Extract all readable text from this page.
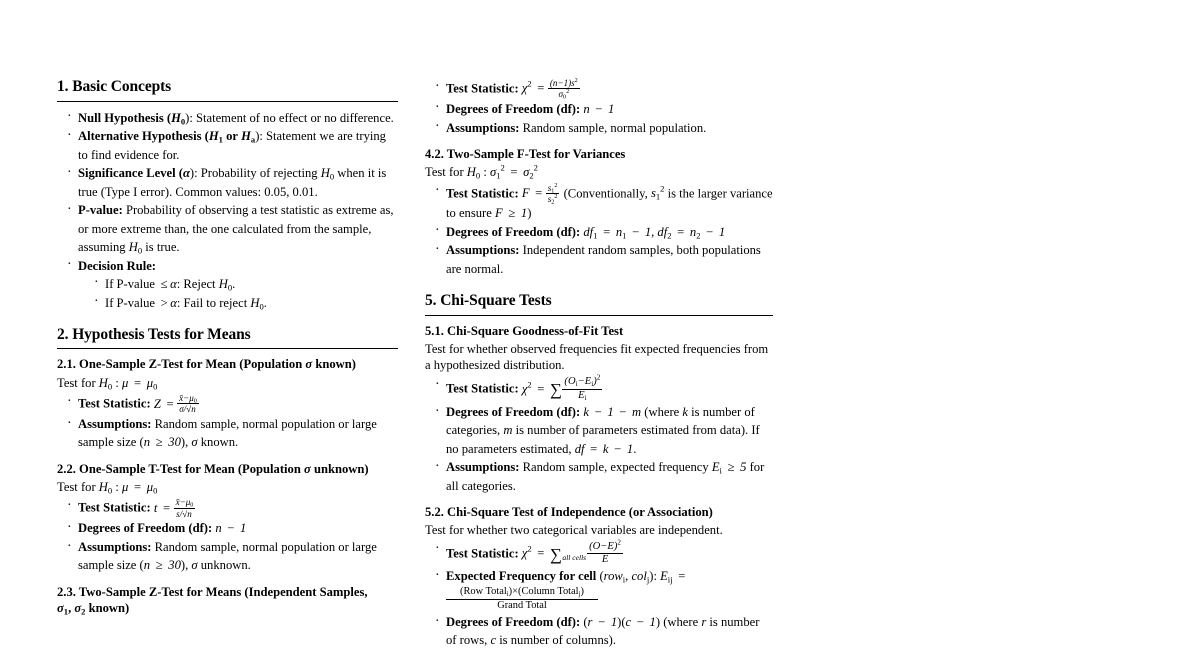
1. Basic Concepts
· Null Hypothesis $(H_0)$: Statement of no effect or no difference.
· Alternative Hypothesis ($H_1$ or $H_a$): Statement we are trying to find evidence for.
· Significance Level (α): Probability of rejecting $H_0$ when it is true (Type I error). Common values: 0.05, 0.01.
· P-value: Probability of observing a test statistic as extreme as, or more extreme than, the one calculated from the sample, assuming $H_0$ is true.
· Decision Rule:
· If P-value ≤ α: Reject $H_0$.
· If P-value > α: Fail to reject $H_0$.
2. Hypothesis Tests for Means
2.1. One-Sample Z-Test for Mean (Population σ known)

Test for $H_0$ : $\mu = \mu_0$

· Test Statistic: $Z = \frac{x̄-\mu_0}{\sigma/√n}$
· Assumptions: Random sample, normal population or large sample size (n ≥ 30), σ known.
2.2. One-Sample T-Test for Mean (Population σ unknown)

Test for $H_0$ : $\mu = \mu_0$

· Test Statistic: $t = \frac{x̄-\mu_0}{s/√n}$
· Degrees of Freedom (df): n − 1
· Assumptions: Random sample, normal population or large sample size (n ≥ 30), σ unknown.
2.3. Two-Sample Z-Test for Means (Independent Samples, $\sigma_1$, $\sigma_2$ known)
· Test Statistic: $\chi^2 = \frac{(n-1)s^2}{\sigma_0^2}$
· Degrees of Freedom (df): n − 1
· Assumptions: Random sample, normal population.
4.2. Two-Sample F-Test for Variances

Test for $H_0$ : $\sigma_1^2 = \sigma_2^2$

· Test Statistic: $F = \frac{s_1^2}{s_2^2}$ (Conventionally, $s_1^2$ is the larger variance to ensure F ≥ 1)
· Degrees of Freedom (df): $df_1 = n_1 - 1$, $df_2 = n_2 - 1$
· Assumptions: Independent random samples, both populations are normal.
5. Chi-Square Tests
5.1. Chi-Square Goodness-of-Fit Test

Test for whether observed frequencies fit expected frequencies from a hypothesized distribution.

· Test Statistic: $\chi^2$ = ∑ $\frac{(O_i-E_i)^2}{E_i}$
· Degrees of Freedom (df): k − 1 − m (where k is number of categories, m is number of parameters estimated from data). If no parameters estimated, df = k − 1.
· Assumptions: Random sample, expected frequency $E_i \ge 5$ for all categories.
5.2. Chi-Square Test of Independence (or Association)

Test for whether two categorical variables are independent.

· Test Statistic: $\chi^2 = \sum_{all cells} \frac{(O-E)^2}{E}$
· Expected Frequency for cell (row$_i$, col$_j$): $E_{ij}$ =
(Row Total$_i$)×(Column Total$_j$)
Grand Total
· Degrees of Freedom (df): (r − 1)(c − 1) (where r is number of rows, c is number of columns).
